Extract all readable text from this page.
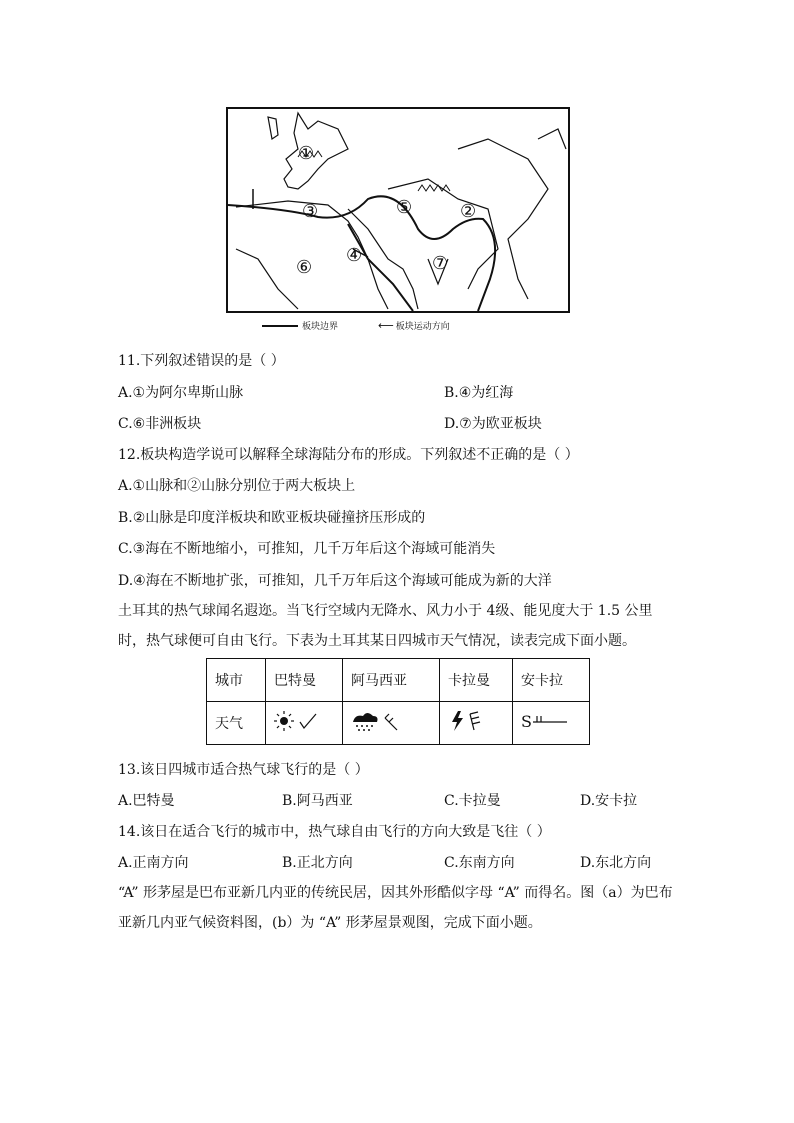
①
②
③
④
⑤
⑥	⑦
板块边界	⟵ 板块运动方向
11.下列叙述错误的是（ ）
A.①为阿尔卑斯山脉	B.④为红海
C.⑥非洲板块	D.⑦为欧亚板块
12.板块构造学说可以解释全球海陆分布的形成。下列叙述不正确的是（ ）
A.①山脉和②山脉分别位于两大板块上
B.②山脉是印度洋板块和欧亚板块碰撞挤压形成的
C.③海在不断地缩小，可推知，几千万年后这个海域可能消失
D.④海在不断地扩张，可推知，几千万年后这个海域可能成为新的大洋
土耳其的热气球闻名遐迩。当飞行空域内无降水、风力小于 4级、能见度大于 1.5 公里时，热气球便可自由飞行。下表为土耳其某日四城市天气情况，读表完成下面小题。
城市	巴特曼	阿马西亚	卡拉曼	安卡拉
天气				S
13.该日四城市适合热气球飞行的是（ ）
A.巴特曼	B.阿马西亚	C.卡拉曼	D.安卡拉
14.该日在适合飞行的城市中，热气球自由飞行的方向大致是飞往（ ）
A.正南方向	B.正北方向	C.东南方向	D.东北方向
“A” 形茅屋是巴布亚新几内亚的传统民居，因其外形酷似字母 “A” 而得名。图（a）为巴布亚新几内亚气候资料图，(b）为 “A” 形茅屋景观图，完成下面小题。
